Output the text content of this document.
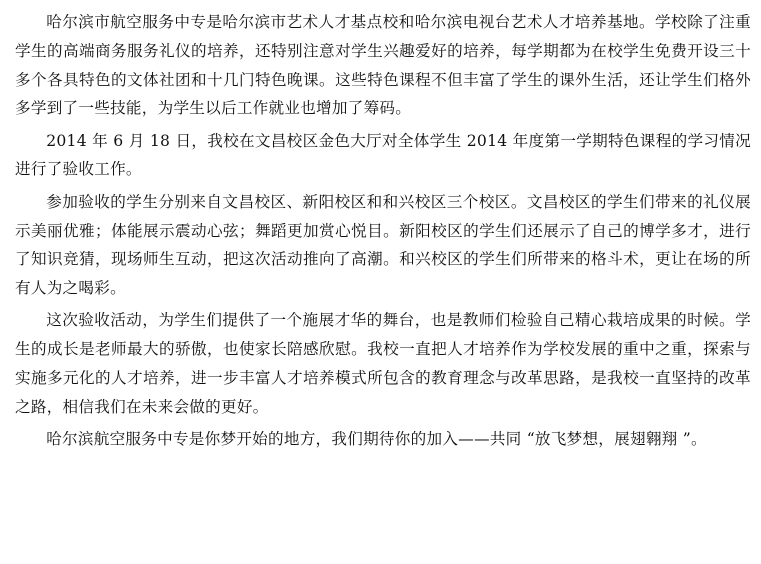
哈尔滨市航空服务中专是哈尔滨市艺术人才基点校和哈尔滨电视台艺术人才培养基地。学校除了注重学生的高端商务服务礼仪的培养，还特别注意对学生兴趣爱好的培养，每学期都为在校学生免费开设三十多个各具特色的文体社团和十几门特色晚课。这些特色课程不但丰富了学生的课外生活，还让学生们格外多学到了一些技能，为学生以后工作就业也增加了筹码。

2014 年 6 月 18 日，我校在文昌校区金色大厅对全体学生 2014 年度第一学期特色课程的学习情况进行了验收工作。

参加验收的学生分别来自文昌校区、新阳校区和和兴校区三个校区。文昌校区的学生们带来的礼仪展示美丽优雅；体能展示震动心弦；舞蹈更加赏心悦目。新阳校区的学生们还展示了自己的博学多才，进行了知识竞猜，现场师生互动，把这次活动推向了高潮。和兴校区的学生们所带来的格斗术，更让在场的所有人为之喝彩。

这次验收活动，为学生们提供了一个施展才华的舞台，也是教师们检验自己精心栽培成果的时候。学生的成长是老师最大的骄傲，也使家长陪感欣慰。我校一直把人才培养作为学校发展的重中之重，探索与实施多元化的人才培养，进一步丰富人才培养模式所包含的教育理念与改革思路，是我校一直坚持的改革之路，相信我们在未来会做的更好。

哈尔滨航空服务中专是你梦开始的地方，我们期待你的加入——共同 “放飞梦想，展翅翱翔 ”。
